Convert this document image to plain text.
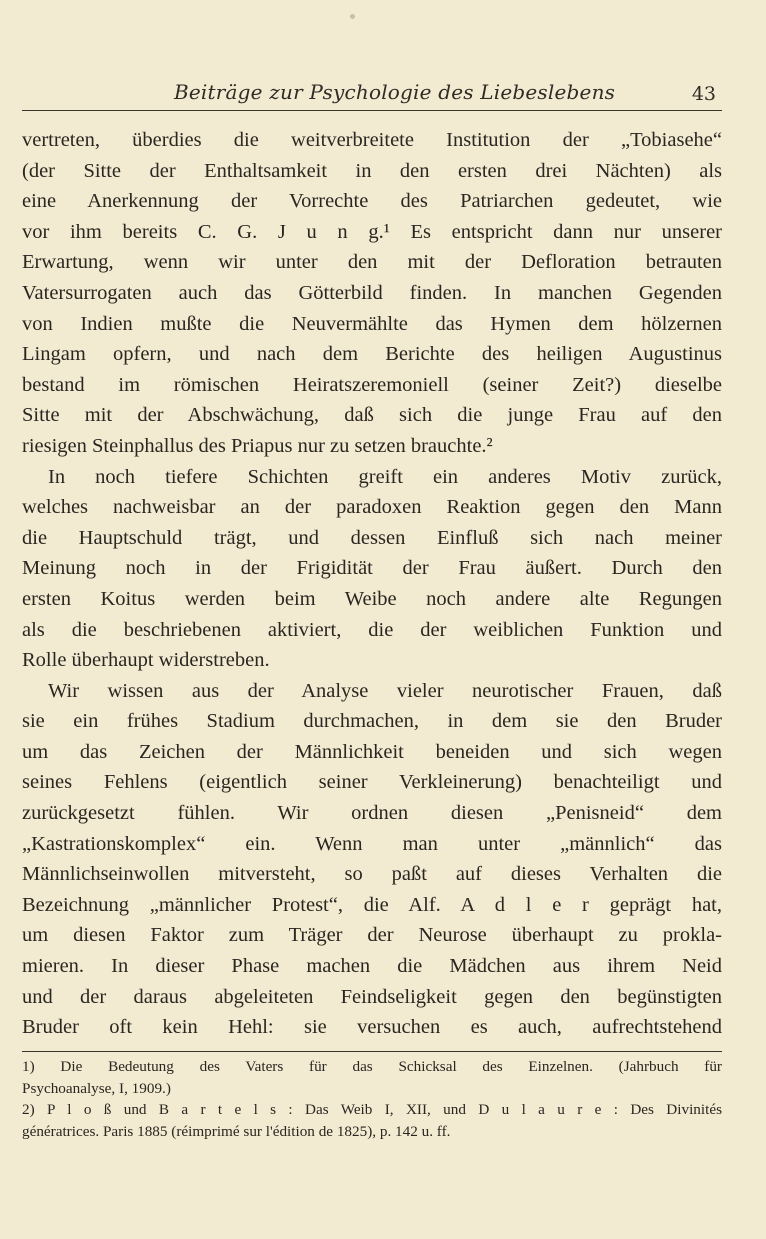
Beiträge zur Psychologie des Liebeslebens	43
vertreten, überdies die weitverbreitete Institution der „Tobiasehe“
(der Sitte der Enthaltsamkeit in den ersten drei Nächten) als
eine Anerkennung der Vorrechte des Patriarchen gedeutet, wie
vor ihm bereits C. G. J u n g.¹ Es entspricht dann nur unserer
Erwartung, wenn wir unter den mit der Defloration betrauten
Vatersurrogaten auch das Götterbild finden. In manchen Gegenden
von Indien mußte die Neuvermählte das Hymen dem hölzernen
Lingam opfern, und nach dem Berichte des heiligen Augustinus
bestand im römischen Heiratszeremoniell (seiner Zeit?) dieselbe
Sitte mit der Abschwächung, daß sich die junge Frau auf den
riesigen Steinphallus des Priapus nur zu setzen brauchte.²
In noch tiefere Schichten greift ein anderes Motiv zurück,
welches nachweisbar an der paradoxen Reaktion gegen den Mann
die Hauptschuld trägt, und dessen Einfluß sich nach meiner
Meinung noch in der Frigidität der Frau äußert. Durch den
ersten Koitus werden beim Weibe noch andere alte Regungen
als die beschriebenen aktiviert, die der weiblichen Funktion und
Rolle überhaupt widerstreben.
Wir wissen aus der Analyse vieler neurotischer Frauen, daß
sie ein frühes Stadium durchmachen, in dem sie den Bruder
um das Zeichen der Männlichkeit beneiden und sich wegen
seines Fehlens (eigentlich seiner Verkleinerung) benachteiligt und
zurückgesetzt fühlen. Wir ordnen diesen „Penisneid“ dem
„Kastrationskomplex“ ein. Wenn man unter „männlich“ das
Männlichseinwollen mitversteht, so paßt auf dieses Verhalten die
Bezeichnung „männlicher Protest“, die Alf. A d l e r geprägt hat,
um diesen Faktor zum Träger der Neurose überhaupt zu prokla-
mieren. In dieser Phase machen die Mädchen aus ihrem Neid
und der daraus abgeleiteten Feindseligkeit gegen den begünstigten
Bruder oft kein Hehl: sie versuchen es auch, aufrechtstehend
1) Die Bedeutung des Vaters für das Schicksal des Einzelnen. (Jahrbuch für
Psychoanalyse, I, 1909.)
2) P l o ß und B a r t e l s : Das Weib I, XII, und D u l a u r e : Des Divinités
génératrices. Paris 1885 (réimprimé sur l'édition de 1825), p. 142 u. ff.
